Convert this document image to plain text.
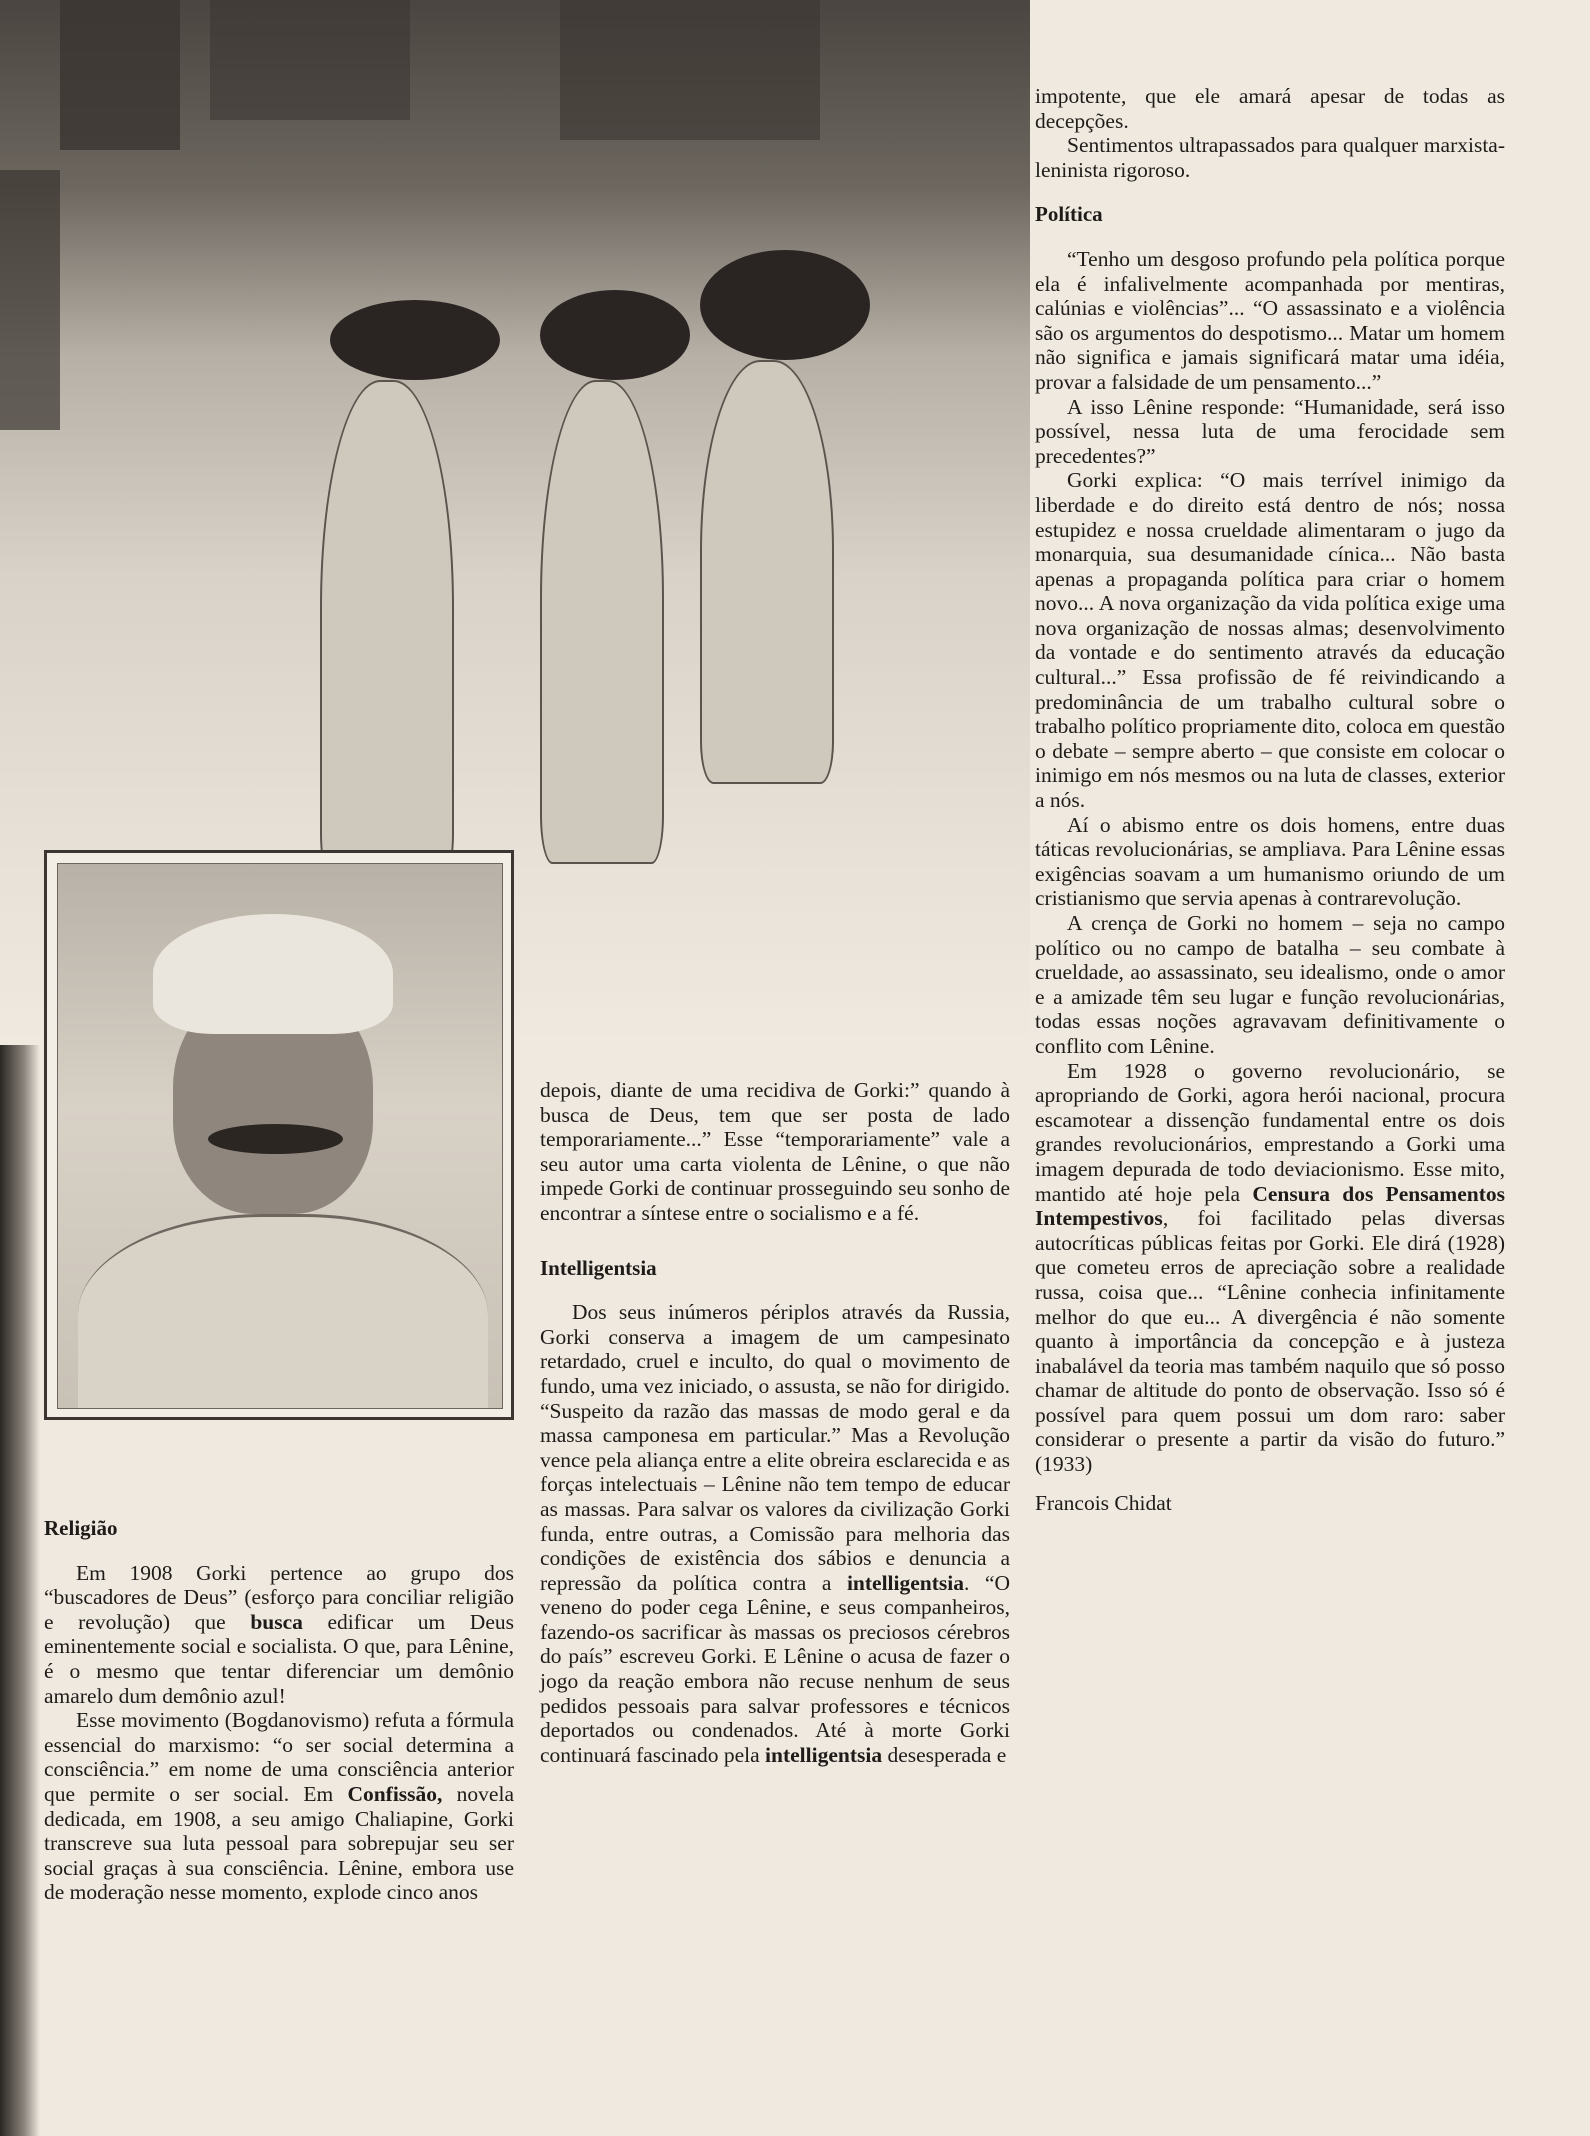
Religião

Em 1908 Gorki pertence ao grupo dos “buscadores de Deus” (esforço para conciliar religião e revolução) que busca edificar um Deus eminentemente social e socialista. O que, para Lênine, é o mesmo que tentar diferenciar um demônio amarelo dum demônio azul!

Esse movimento (Bogdanovismo) refuta a fórmula essencial do marxismo: “o ser social determina a consciência.” em nome de uma consciência anterior que permite o ser social. Em Confissão, novela dedicada, em 1908, a seu amigo Chaliapine, Gorki transcreve sua luta pessoal para sobrepujar seu ser social graças à sua consciência. Lênine, embora use de moderação nesse momento, explode cinco anos

depois, diante de uma recidiva de Gorki:” quando à busca de Deus, tem que ser posta de lado temporariamente...” Esse “temporariamente” vale a seu autor uma carta violenta de Lênine, o que não impede Gorki de continuar prosseguindo seu sonho de encontrar a síntese entre o socialismo e a fé.

Intelligentsia

Dos seus inúmeros périplos através da Russia, Gorki conserva a imagem de um campesinato retardado, cruel e inculto, do qual o movimento de fundo, uma vez iniciado, o assusta, se não for dirigido. “Suspeito da razão das massas de modo geral e da massa camponesa em particular.” Mas a Revolução vence pela aliança entre a elite obreira esclarecida e as forças intelectuais – Lênine não tem tempo de educar as massas. Para salvar os valores da civilização Gorki funda, entre outras, a Comissão para melhoria das condições de existência dos sábios e denuncia a repressão da política contra a intelligentsia. “O veneno do poder cega Lênine, e seus companheiros, fazendo-os sacrificar às massas os preciosos cérebros do país” escreveu Gorki. E Lênine o acusa de fazer o jogo da reação embora não recuse nenhum de seus pedidos pessoais para salvar professores e técnicos deportados ou condenados. Até à morte Gorki continuará fascinado pela intelligentsia desesperada e

impotente, que ele amará apesar de todas as decepções.

Sentimentos ultrapassados para qualquer marxista-leninista rigoroso.

Política

“Tenho um desgoso profundo pela política porque ela é infalivelmente acompanhada por mentiras, calúnias e violências”... “O assassinato e a violência são os argumentos do despotismo... Matar um homem não significa e jamais significará matar uma idéia, provar a falsidade de um pensamento...”

A isso Lênine responde: “Humanidade, será isso possível, nessa luta de uma ferocidade sem precedentes?”

Gorki explica: “O mais terrível inimigo da liberdade e do direito está dentro de nós; nossa estupidez e nossa crueldade alimentaram o jugo da monarquia, sua desumanidade cínica... Não basta apenas a propaganda política para criar o homem novo... A nova organização da vida política exige uma nova organização de nossas almas; desenvolvimento da vontade e do sentimento através da educação cultural...” Essa profissão de fé reivindicando a predominância de um trabalho cultural sobre o trabalho político propriamente dito, coloca em questão o debate – sempre aberto – que consiste em colocar o inimigo em nós mesmos ou na luta de classes, exterior a nós.

Aí o abismo entre os dois homens, entre duas táticas revolucionárias, se ampliava. Para Lênine essas exigências soavam a um humanismo oriundo de um cristianismo que servia apenas à contrarevolução.

A crença de Gorki no homem – seja no campo político ou no campo de batalha – seu combate à crueldade, ao assassinato, seu idealismo, onde o amor e a amizade têm seu lugar e função revolucionárias, todas essas noções agravavam definitivamente o conflito com Lênine.

Em 1928 o governo revolucionário, se apropriando de Gorki, agora herói nacional, procura escamotear a dissenção fundamental entre os dois grandes revolucionários, emprestando a Gorki uma imagem depurada de todo deviacionismo. Esse mito, mantido até hoje pela Censura dos Pensamentos Intempestivos, foi facilitado pelas diversas autocríticas públicas feitas por Gorki. Ele dirá (1928) que cometeu erros de apreciação sobre a realidade russa, coisa que... “Lênine conhecia infinitamente melhor do que eu... A divergência é não somente quanto à importância da concepção e à justeza inabalável da teoria mas também naquilo que só posso chamar de altitude do ponto de observação. Isso só é possível para quem possui um dom raro: saber considerar o presente a partir da visão do futuro.” (1933)

Francois Chidat
